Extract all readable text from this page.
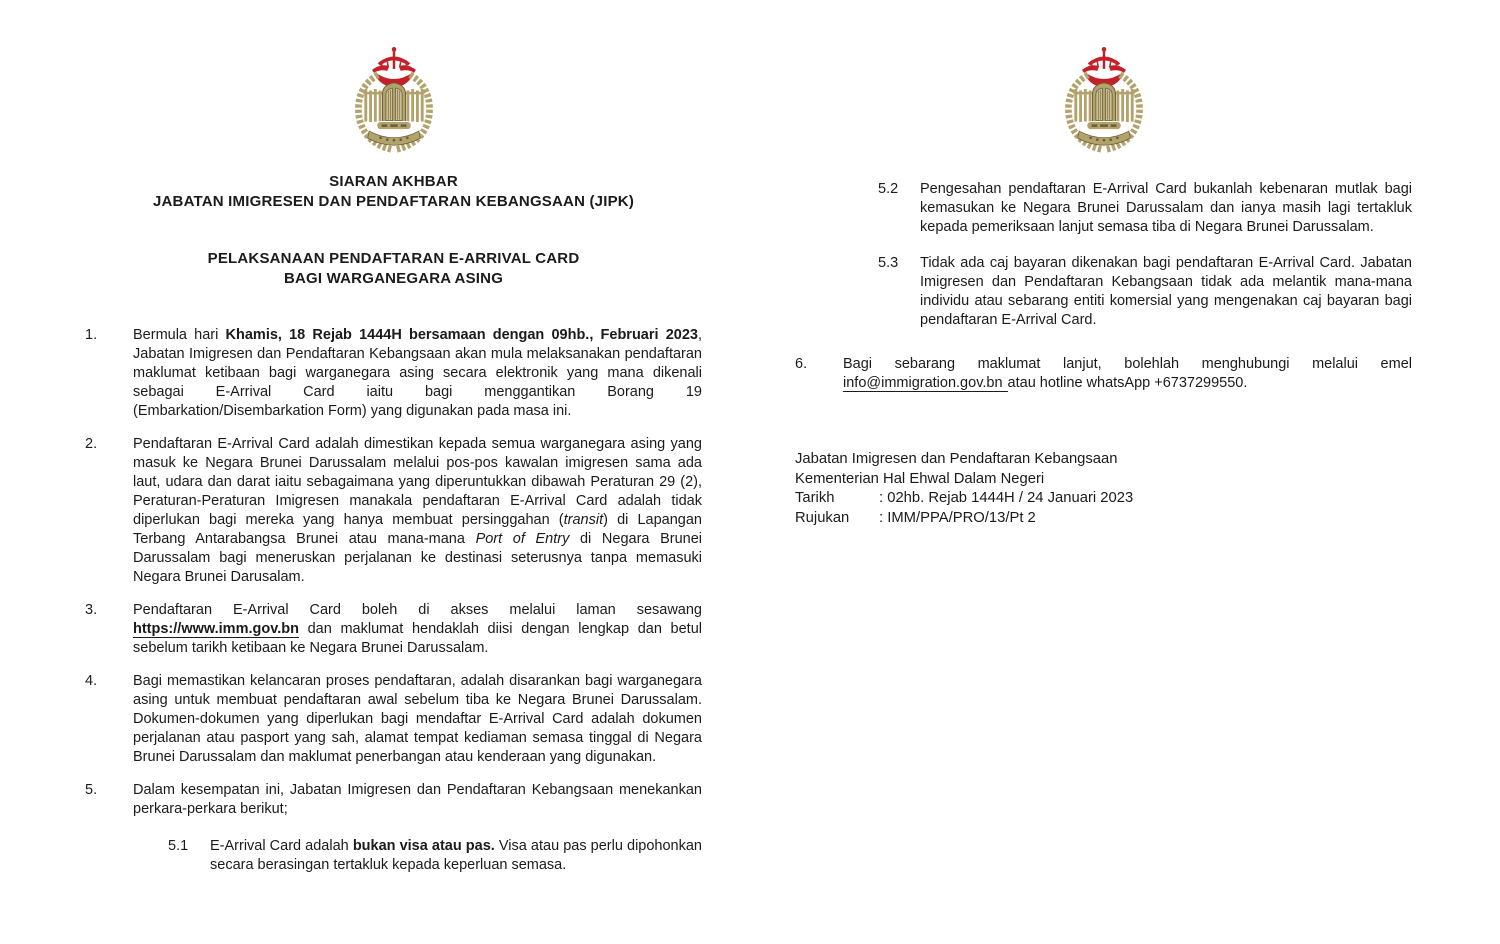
SIARAN AKHBAR
JABATAN IMIGRESEN DAN PENDAFTARAN KEBANGSAAN (JIPK)
PELAKSANAAN PENDAFTARAN E-ARRIVAL CARD
BAGI WARGANEGARA ASING
1.	Bermula hari Khamis, 18 Rejab 1444H bersamaan dengan 09hb., Februari 2023, Jabatan Imigresen dan Pendaftaran Kebangsaan akan mula melaksanakan pendaftaran maklumat ketibaan bagi warganegara asing secara elektronik yang mana dikenali sebagai E-Arrival Card iaitu bagi menggantikan Borang 19 (Embarkation/Disembarkation Form) yang digunakan pada masa ini.
2.	Pendaftaran E-Arrival Card adalah dimestikan kepada semua warganegara asing yang masuk ke Negara Brunei Darussalam melalui pos-pos kawalan imigresen sama ada laut, udara dan darat iaitu sebagaimana yang diperuntukkan dibawah Peraturan 29 (2), Peraturan-Peraturan Imigresen manakala pendaftaran E-Arrival Card adalah tidak diperlukan bagi mereka yang hanya membuat persinggahan (transit) di Lapangan Terbang Antarabangsa Brunei atau mana-mana Port of Entry di Negara Brunei Darussalam bagi meneruskan perjalanan ke destinasi seterusnya tanpa memasuki Negara Brunei Darusalam.
3.	Pendaftaran E-Arrival Card boleh di akses melalui laman sesawang https://www.imm.gov.bn dan maklumat hendaklah diisi dengan lengkap dan betul sebelum tarikh ketibaan ke Negara Brunei Darussalam.
4.	Bagi memastikan kelancaran proses pendaftaran, adalah disarankan bagi warganegara asing untuk membuat pendaftaran awal sebelum tiba ke Negara Brunei Darussalam. Dokumen-dokumen yang diperlukan bagi mendaftar E-Arrival Card adalah dokumen perjalanan atau pasport yang sah, alamat tempat kediaman semasa tinggal di Negara Brunei Darussalam dan maklumat penerbangan atau kenderaan yang digunakan.
5.	Dalam kesempatan ini, Jabatan Imigresen dan Pendaftaran Kebangsaan menekankan perkara-perkara berikut;
5.1	E-Arrival Card adalah bukan visa atau pas. Visa atau pas perlu dipohonkan secara berasingan tertakluk kepada keperluan semasa.
5.2	Pengesahan pendaftaran E-Arrival Card bukanlah kebenaran mutlak bagi kemasukan ke Negara Brunei Darussalam dan ianya masih lagi tertakluk kepada pemeriksaan lanjut semasa tiba di Negara Brunei Darussalam.
5.3	Tidak ada caj bayaran dikenakan bagi pendaftaran E-Arrival Card. Jabatan Imigresen dan Pendaftaran Kebangsaan tidak ada melantik mana-mana individu atau sebarang entiti komersial yang mengenakan caj bayaran bagi pendaftaran E-Arrival Card.
6.	Bagi sebarang maklumat lanjut, bolehlah menghubungi melalui emel info@immigration.gov.bn atau hotline whatsApp +6737299550.
Jabatan Imigresen dan Pendaftaran Kebangsaan
Kementerian Hal Ehwal Dalam Negeri
Tarikh	: 02hb. Rejab 1444H / 24 Januari 2023
Rujukan	: IMM/PPA/PRO/13/Pt 2
